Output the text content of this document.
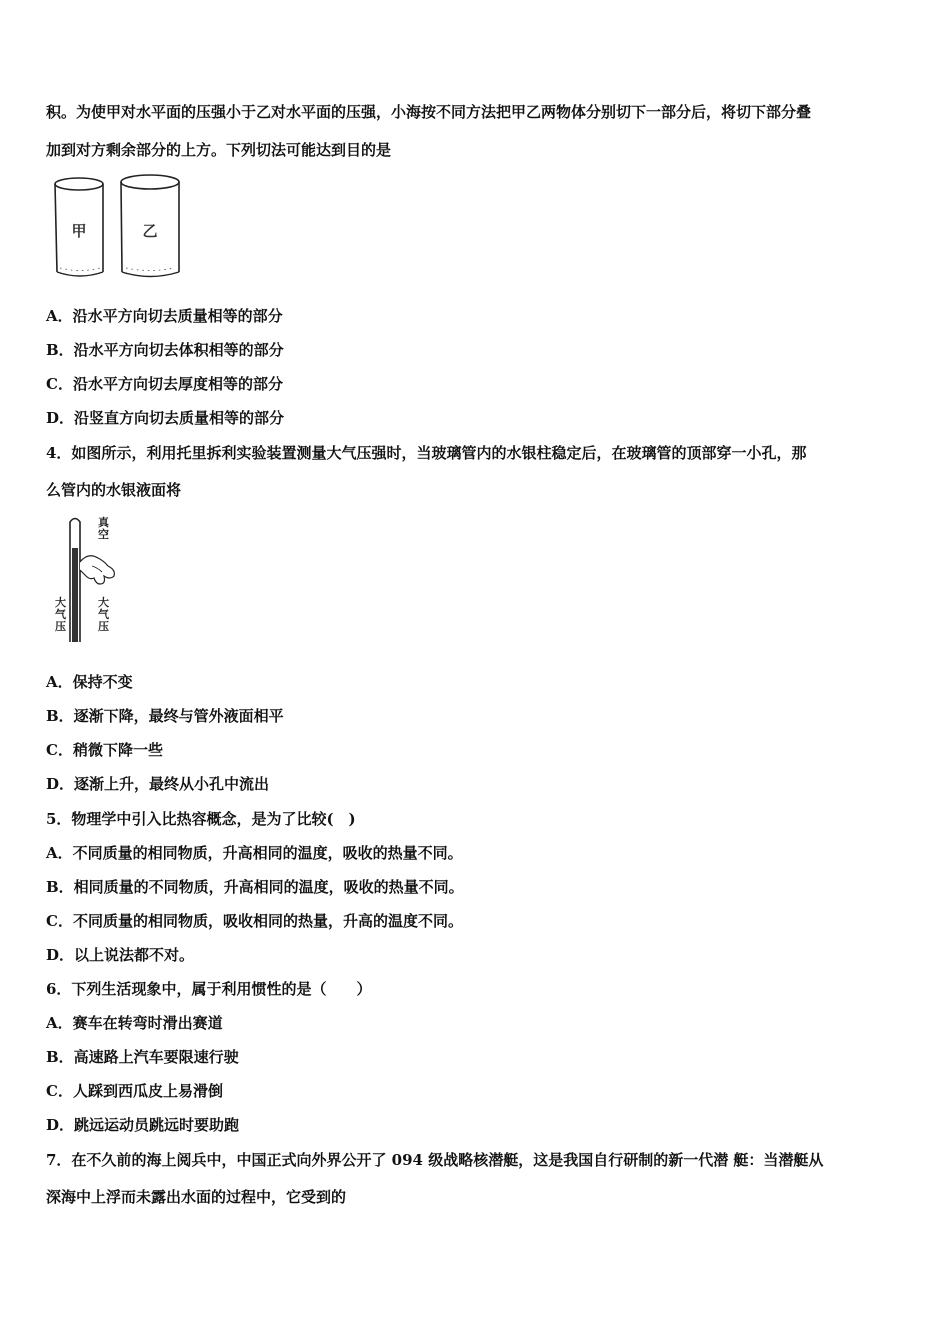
积。为使甲对水平面的压强小于乙对水平面的压强，小海按不同方法把甲乙两物体分别切下一部分后，将切下部分叠
加到对方剩余部分的上方。下列切法可能达到目的是
甲	乙
A．沿水平方向切去质量相等的部分
B．沿水平方向切去体积相等的部分
C．沿水平方向切去厚度相等的部分
D．沿竖直方向切去质量相等的部分
4．如图所示，利用托里拆利实验装置测量大气压强时，当玻璃管内的水银柱稳定后，在玻璃管的顶部穿一小孔，那
么管内的水银液面将
真空
大气压
大气压
A．保持不变
B．逐渐下降，最终与管外液面相平
C．稍微下降一些
D．逐渐上升，最终从小孔中流出
5．物理学中引入比热容概念，是为了比较(　)
A．不同质量的相同物质，升高相同的温度，吸收的热量不同。
B．相同质量的不同物质，升高相同的温度，吸收的热量不同。
C．不同质量的相同物质，吸收相同的热量，升高的温度不同。
D．以上说法都不对。
6．下列生活现象中，属于利用惯性的是（　　）
A．赛车在转弯时滑出赛道
B．高速路上汽车要限速行驶
C．人踩到西瓜皮上易滑倒
D．跳远运动员跳远时要助跑
7．在不久前的海上阅兵中，中国正式向外界公开了 094 级战略核潜艇，这是我国自行研制的新一代潜 艇：当潜艇从
深海中上浮而未露出水面的过程中，它受到的
